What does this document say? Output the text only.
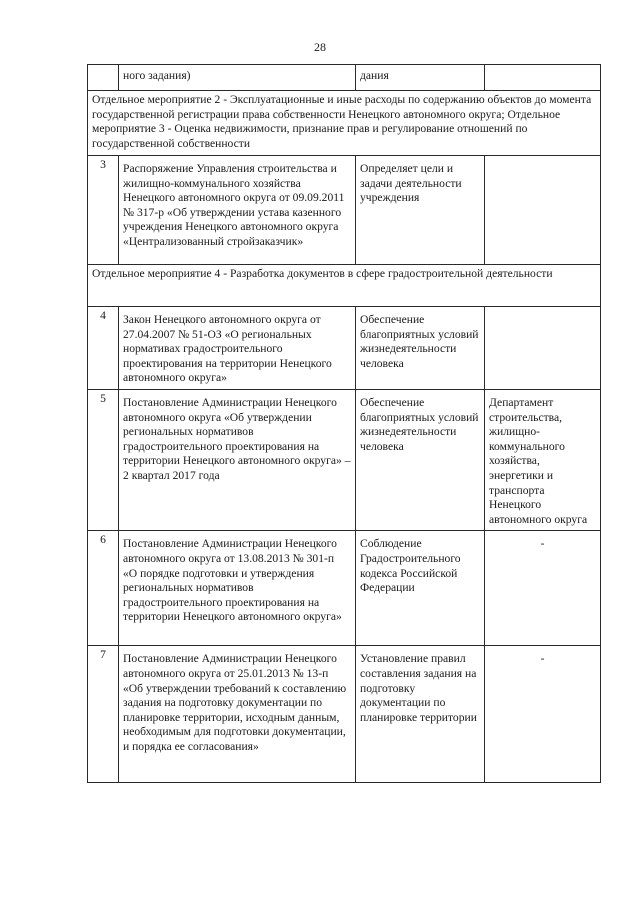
28
	ного задания)	дания	
Отдельное мероприятие 2 - Эксплуатационные и иные расходы по содержанию объектов до момента государственной регистрации права собственности Ненецкого автономного округа; Отдельное мероприятие 3 - Оценка недвижимости, признание прав и регулирование отношений по государственной собственности			
3	Распоряжение Управления строительства и жилищно-коммунального хозяйства Ненецкого автономного округа от 09.09.2011 № 317-р «Об утверждении устава казенного учреждения Ненецкого автономного округа «Централизованный стройзаказчик»	Определяет цели и задачи деятельности учреждения	
Отдельное мероприятие 4 - Разработка документов в сфере градостроительной деятельности			
4	Закон Ненецкого автономного округа от 27.04.2007 № 51-ОЗ «О региональных нормативах градостроительного проектирования на территории Ненецкого автономного округа»	Обеспечение благоприятных условий жизнедеятельности человека	
5	Постановление Администрации Ненецкого автономного округа «Об утверждении региональных нормативов градостроительного проектирования на территории Ненецкого автономного округа» – 2 квартал 2017 года	Обеспечение благоприятных условий жизнедеятельности человека	Департамент строительства, жилищно-коммунального хозяйства, энергетики и транспорта Ненецкого автономного округа
6	Постановление Администрации Ненецкого автономного округа от 13.08.2013 № 301-п «О порядке подготовки и утверждения региональных нормативов градостроительного проектирования на территории Ненецкого автономного округа»	Соблюдение Градостроительного кодекса Российской Федерации	-
7	Постановление Администрации Ненецкого автономного округа от 25.01.2013 № 13-п «Об утверждении требований к составлению задания на подготовку документации по планировке территории, исходным данным, необходимым для подготовки документации, и порядка ее согласования»	Установление правил составления задания на подготовку документации по планировке территории	-
